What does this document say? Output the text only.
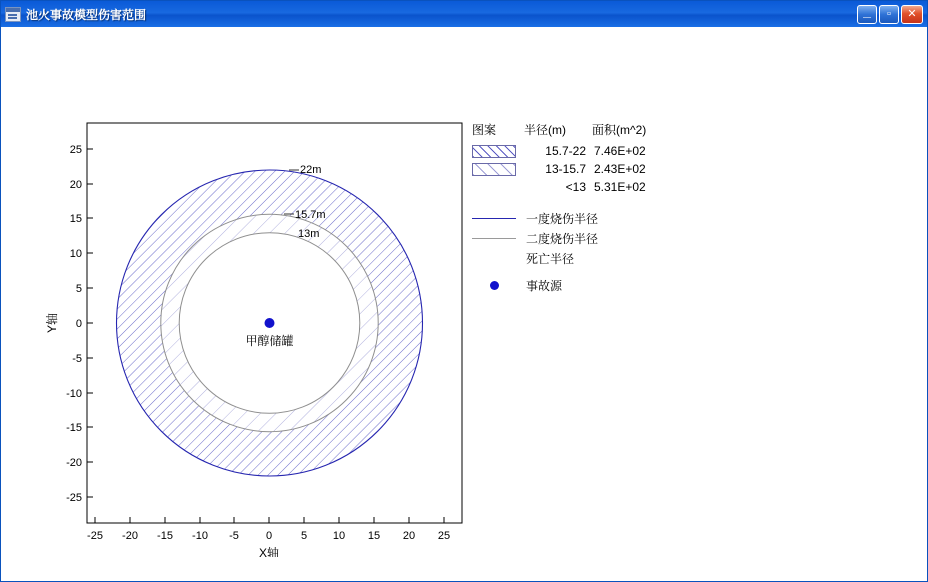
池火事故模型伤害范围	_	▫	✕
22m
15.7m
13m
甲醇储罐
25
20
15
10
5
0
-5
-10
-15
-20
-25
-25 -20 -15 -10 -5 0	5 10 15 20 25
X轴
Y轴
图案	半径(m)	面积(m^2)
15.7-22 7.46E+02
13-15.7 2.43E+02
<13 5.31E+02
一度烧伤半径
二度烧伤半径
死亡半径
事故源
